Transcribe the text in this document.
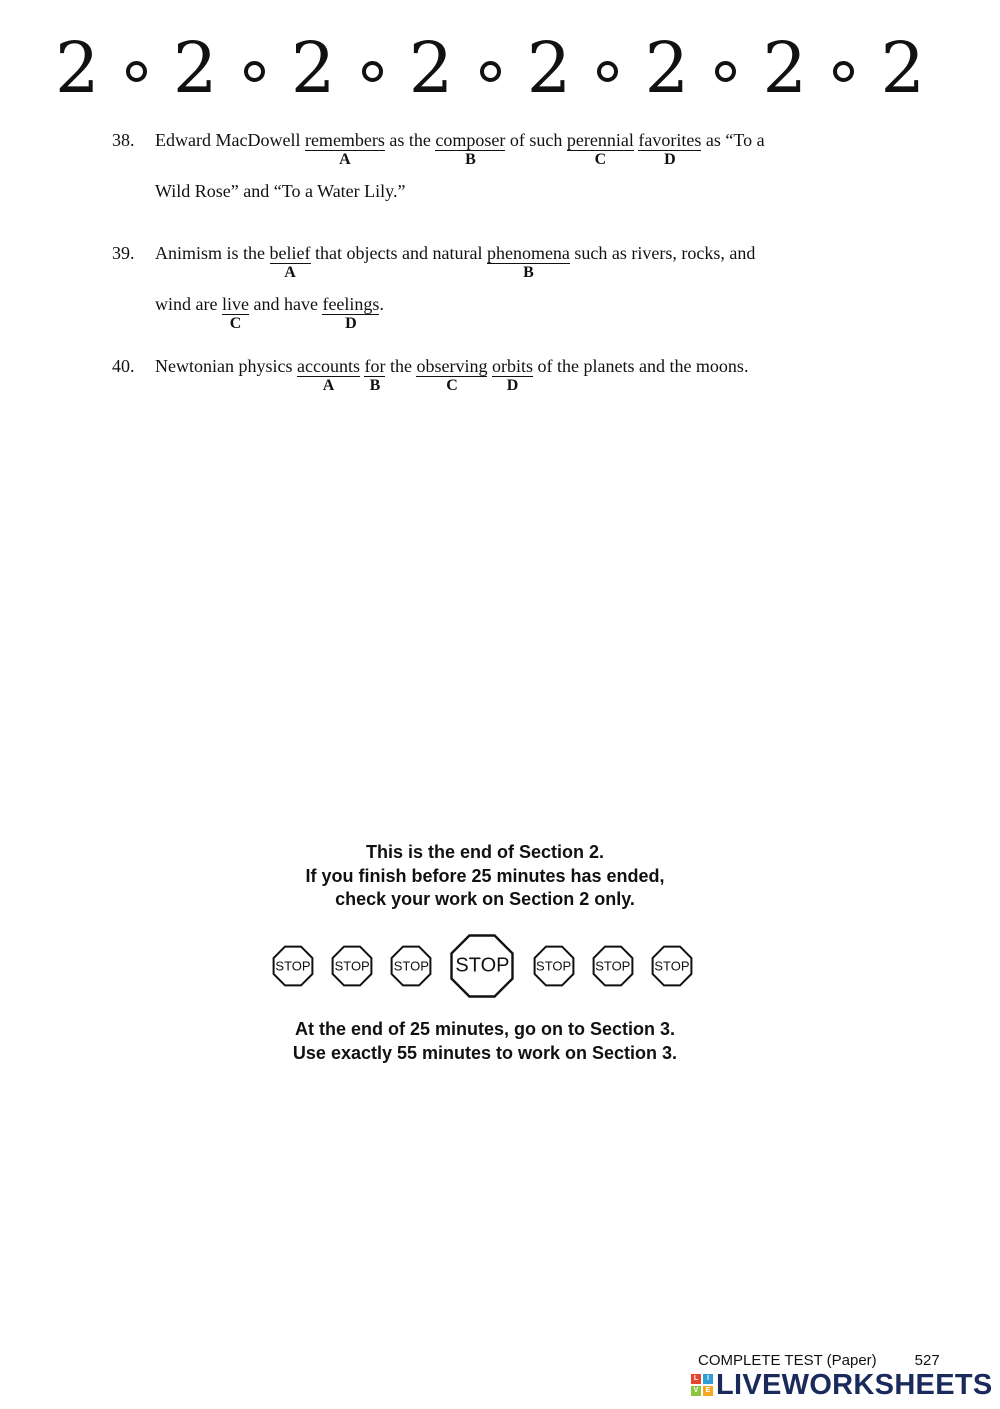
2 2 2 2 2 2 2 2
38. Edward MacDowell remembers
A
as the composer
B
of such perennial
C
favorites
D
as “To a
Wild Rose” and “To a Water Lily.”
39. Animism is the belief
A
that objects and natural phenomena
B
such as rivers, rocks, and
wind are live
C
and have feelings
D
.
40. Newtonian physics accounts
A
for
B
the observing
C
orbits
D
of the planets and the moons.
This is the end of Section 2.
If you finish before 25 minutes has ended,
check your work on Section 2 only.
STOP	STOP	STOP	STOP	STOP	STOP	STOP
At the end of 25 minutes, go on to Section 3.
Use exactly 55 minutes to work on Section 3.
COMPLETE TEST (Paper)	527
L	I
V	E LIVEWORKSHEETS
